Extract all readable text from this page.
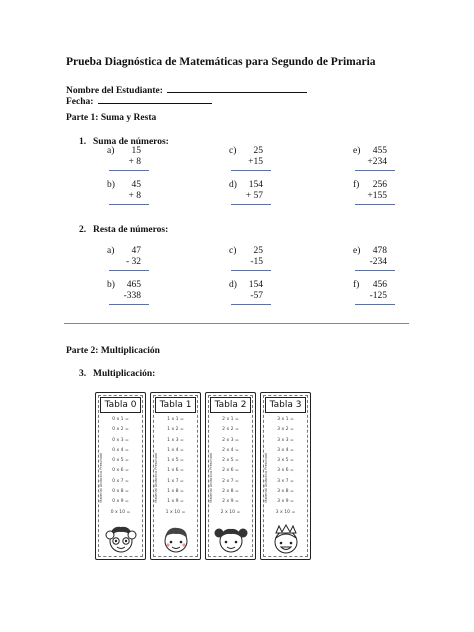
Prueba Diagnóstica de Matemáticas para Segundo de Primaria
Nombre del Estudiante:
Fecha:
Parte 1: Suma y Resta
1. Suma de números:
2. Resta de números:
Parte 2: Multiplicación
3. Multiplicación:
a)	15
+ 8
c)	25
+15
e)	455
+234
b)	45
+ 8
d)	154
+ 57
f)	256
+155
a)	47
- 32
c)	25
-15
e)	478
-234
b)	465
-338
d)	154
-57
f)	456
-125
Tabla 0
0 x 1 =
0 x 2 =
0 x 3 =
0 x 4 =
0 x 5 =
0 x 6 =
0 x 7 =
0 x 8 =
0 x 9 =
0 x 10 =
Material Didáctico Preschool
Tabla 1
1 x 1 =
1 x 2 =
1 x 3 =
1 x 4 =
1 x 5 =
1 x 6 =
1 x 7 =
1 x 8 =
1 x 9 =
1 x 10 =
Material Didáctico Preschool
Tabla 2
2 x 1 =
2 x 2 =
2 x 3 =
2 x 4 =
2 x 5 =
2 x 6 =
2 x 7 =
2 x 8 =
2 x 9 =
2 x 10 =
Material Didáctico Preschool
Tabla 3
3 x 1 =
3 x 2 =
3 x 3 =
3 x 4 =
3 x 5 =
3 x 6 =
3 x 7 =
3 x 8 =
3 x 9 =
3 x 10 =
Material Didáctico Preschool
